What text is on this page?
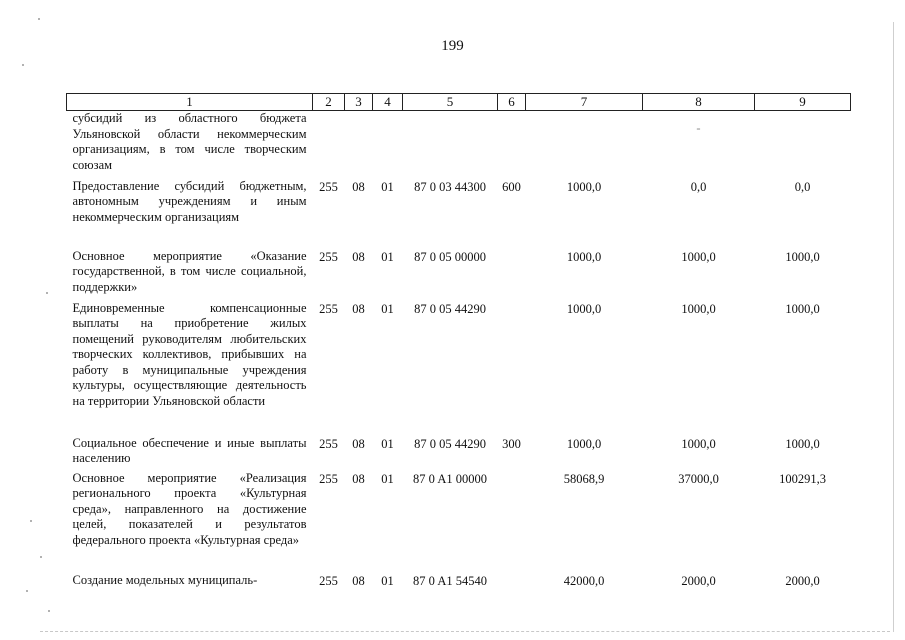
199
1	2	3	4	5	6	7	8	9
субсидий из областного бюджета Ульяновской области некоммерческим организациям, в том числе творческим союзам							-	
Предоставление субсидий бюджетным, автономным учреждениям и иным некоммерческим организациям	255	08	01	87 0 03 44300	600	1000,0	0,0	0,0
Основное мероприятие «Оказание государственной, в том числе социальной, поддержки»	255	08	01	87 0 05 00000		1000,0	1000,0	1000,0
Единовременные компенсационные выплаты на приобретение жилых помещений руководителям любительских творческих коллективов, прибывших на работу в муниципальные учреждения культуры, осуществляющие деятельность на территории Ульяновской области	255	08	01	87 0 05 44290		1000,0	1000,0	1000,0
Социальное обеспечение и иные выплаты населению	255	08	01	87 0 05 44290	300	1000,0	1000,0	1000,0
Основное мероприятие «Реализация регионального проекта «Культурная среда», направленного на достижение целей, показателей и результатов федерального проекта «Культурная среда»	255	08	01	87 0 A1 00000		58068,9	37000,0	100291,3
Создание модельных муниципаль-	255	08	01	87 0 A1 54540		42000,0	2000,0	2000,0
